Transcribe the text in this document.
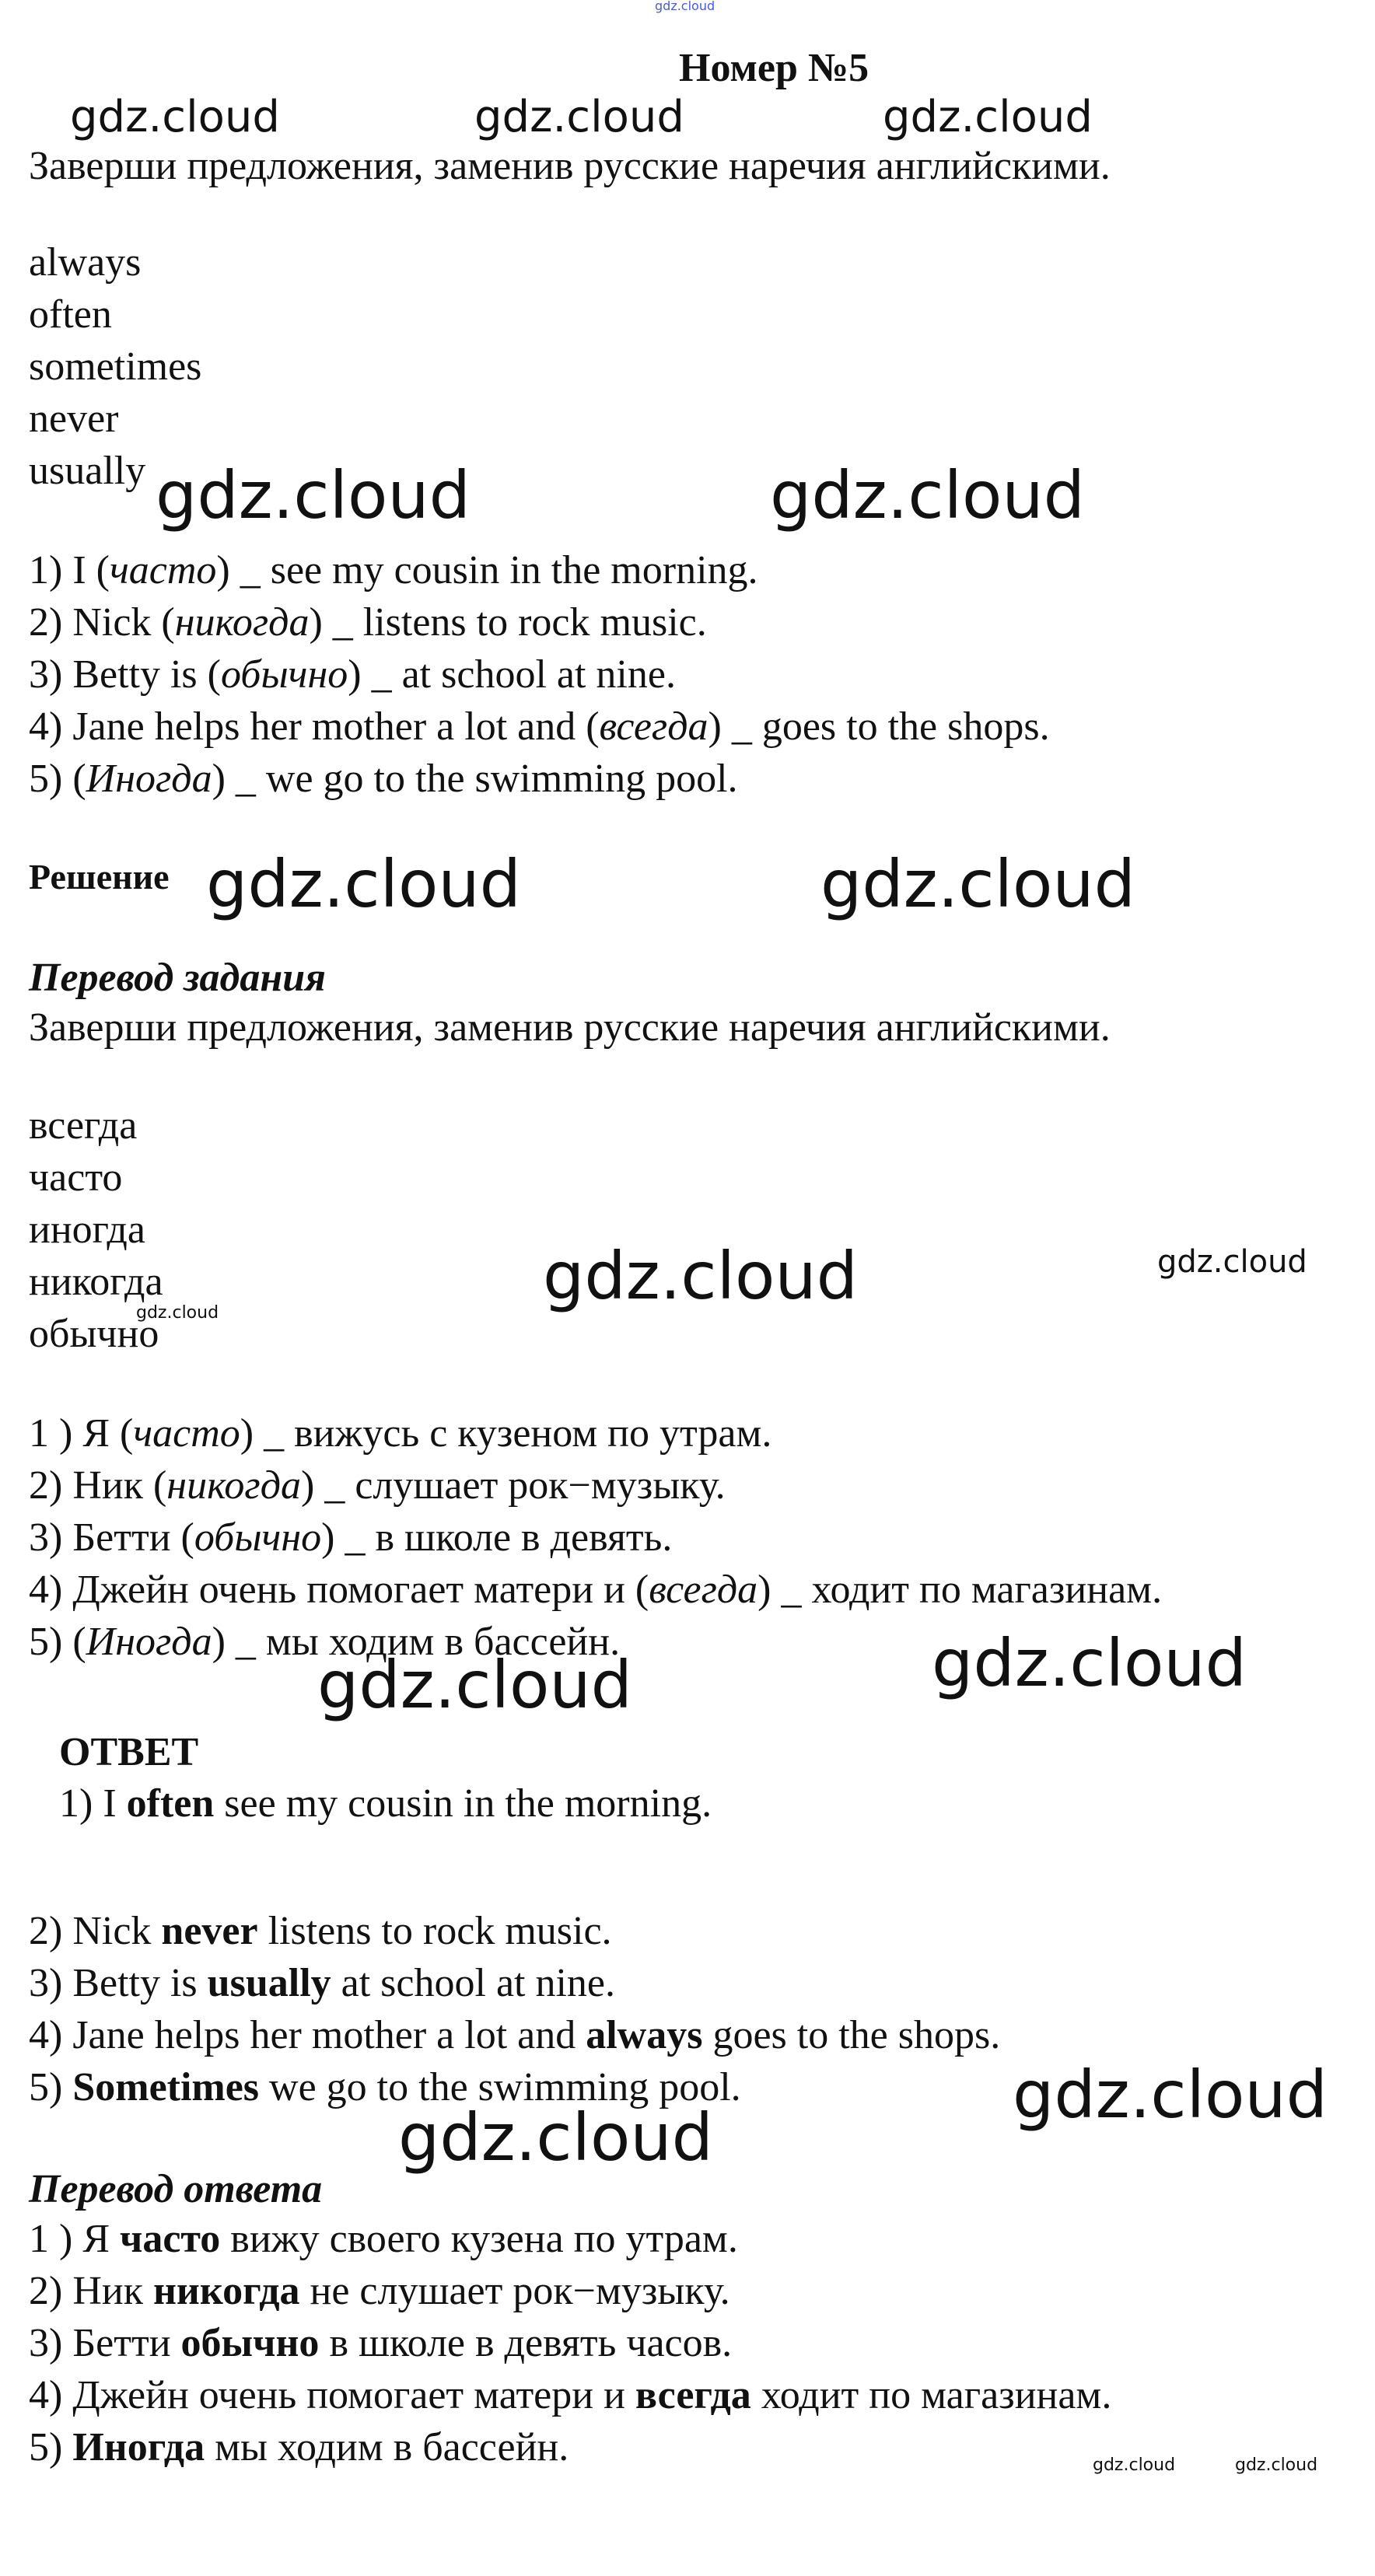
gdz.cloud
gdz.cloud	gdz.cloud	gdz.cloud
gdz.cloud	gdz.cloud
gdz.cloud	gdz.cloud
gdz.cloud	gdz.cloud
gdz.cloud
gdz.cloud	gdz.cloud
gdz.cloud
gdz.cloud
gdz.cloud	gdz.cloud
Номер №5
Заверши предложения, заменив русские наречия английскими.
always
often
sometimes
never
usually
1) I (часто) _ see my cousin in the morning.
2) Nick (никогда) _ listens to rock music.
3) Betty is (обычно) _ at school at nine.
4) Jane helps her mother a lot and (всегда) _ goes to the shops.
5) (Иногда) _ we go to the swimming pool.
Решение
Перевод задания
Заверши предложения, заменив русские наречия английскими.
всегда
часто
иногда
никогда
обычно
1 ) Я (часто) _ вижусь с кузеном по утрам.
2) Ник (никогда) _ слушает рок−музыку.
3) Бетти (обычно) _ в школе в девять.
4) Джейн очень помогает матери и (всегда) _ ходит по магазинам.
5) (Иногда) _ мы ходим в бассейн.
ОТВЕТ
1) I often see my cousin in the morning.
2) Nick never listens to rock music.
3) Betty is usually at school at nine.
4) Jane helps her mother a lot and always goes to the shops.
5) Sometimes we go to the swimming pool.
Перевод ответа
1 ) Я часто вижу своего кузена по утрам.
2) Ник никогда не слушает рок−музыку.
3) Бетти обычно в школе в девять часов.
4) Джейн очень помогает матери и всегда ходит по магазинам.
5) Иногда мы ходим в бассейн.
